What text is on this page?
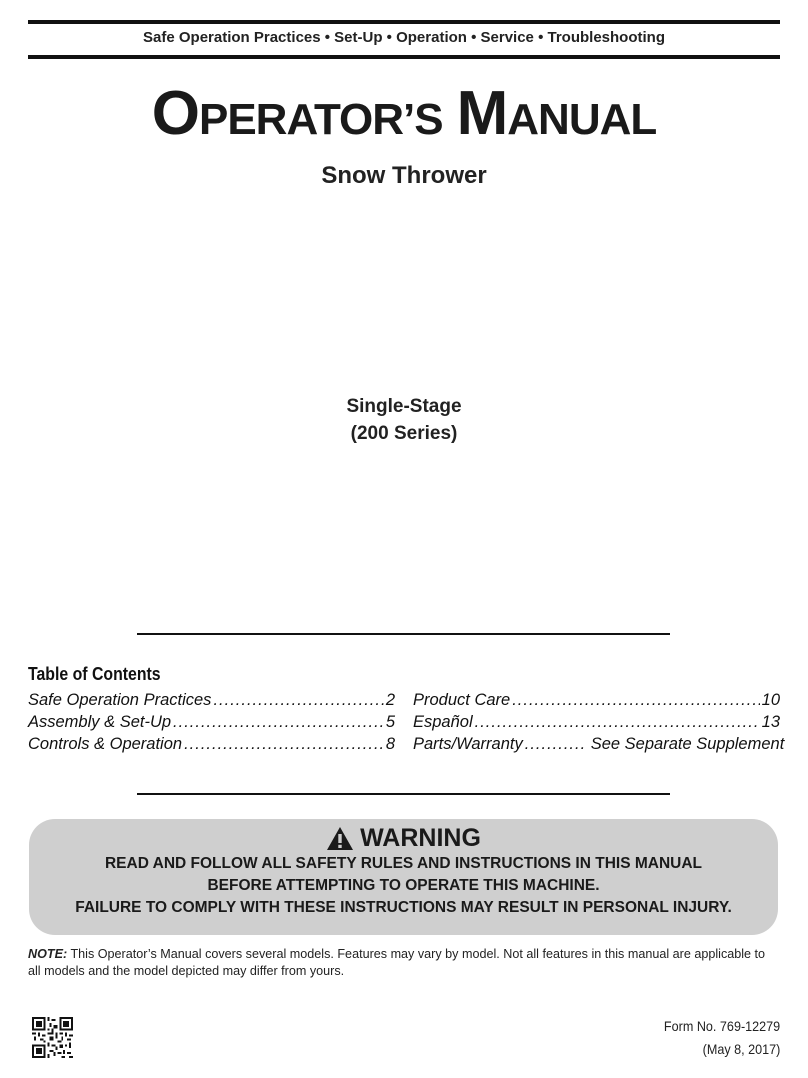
Safe Operation Practices • Set-Up • Operation • Service • Troubleshooting
OPERATOR’S MANUAL
Snow Thrower
Single-Stage
(200 Series)
Table of Contents
Safe Operation Practices .....	2
Assembly & Set-Up .....	5
Controls & Operation .....	8
Product Care .....	10
Español .....	13
Parts/Warranty .....	See Separate Supplement
WARNING
READ AND FOLLOW ALL SAFETY RULES AND INSTRUCTIONS IN THIS MANUAL
BEFORE ATTEMPTING TO OPERATE THIS MACHINE.
FAILURE TO COMPLY WITH THESE INSTRUCTIONS MAY RESULT IN PERSONAL INJURY.
NOTE: This Operator’s Manual covers several models. Features may vary by model. Not all features in this manual are applicable to all models and the model depicted may differ from yours.
Form No. 769-12279
(May 8, 2017)
